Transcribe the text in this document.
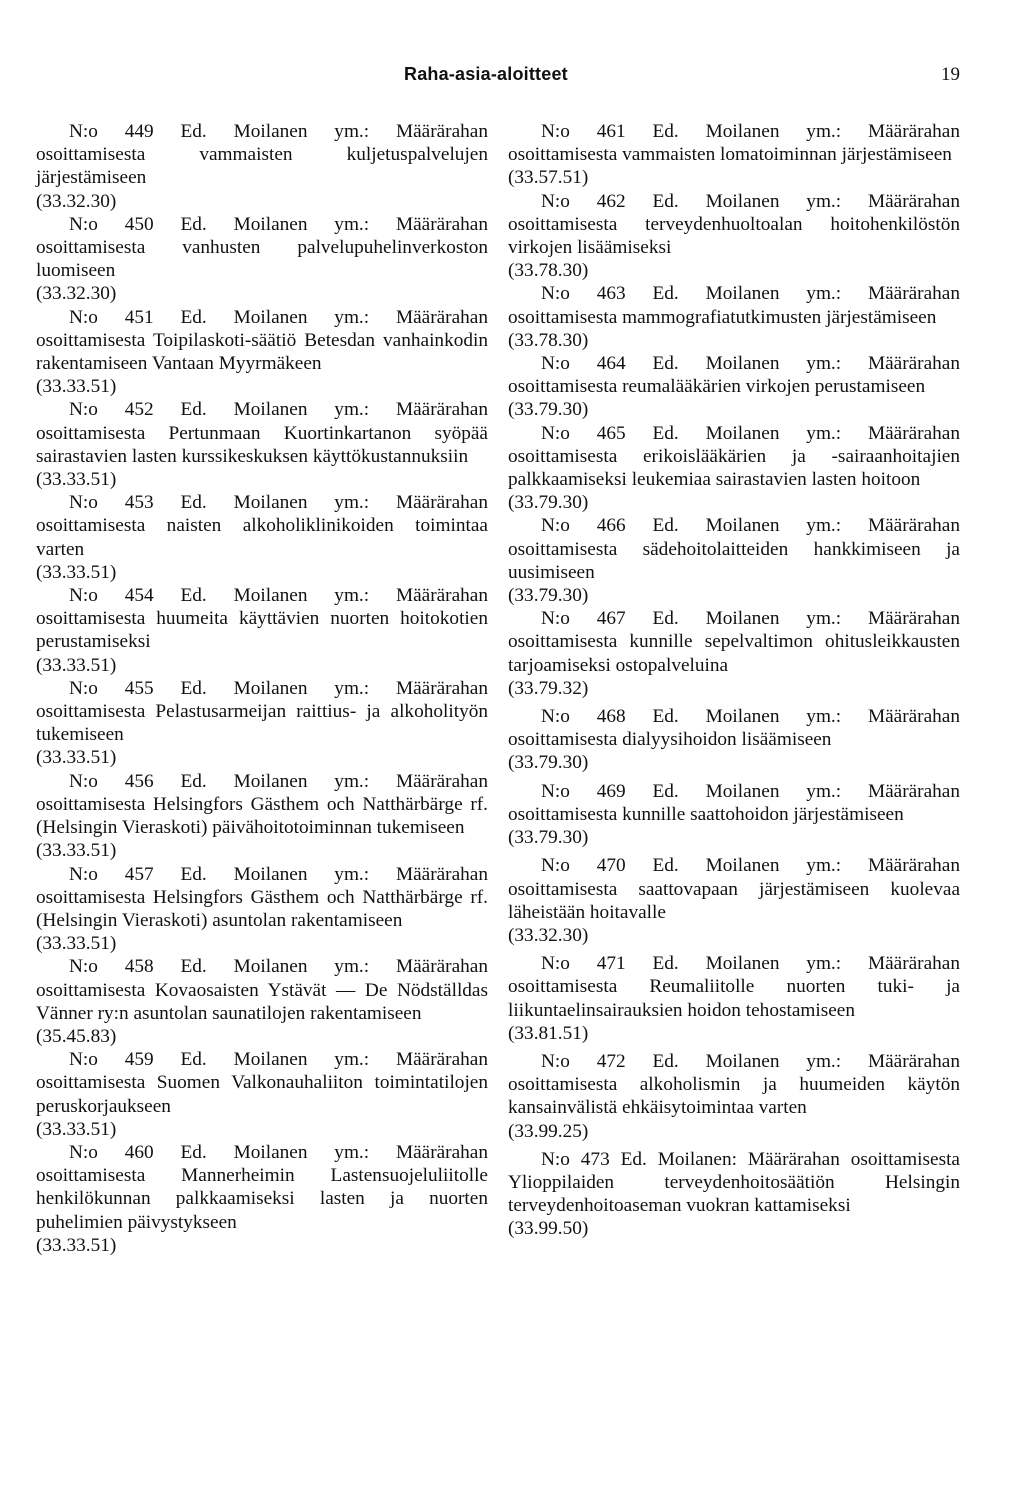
Raha-asia-aloitteet	19

N:o 449 Ed. Moilanen ym.: Määrärahan osoittamisesta vammaisten kuljetuspalvelujen järjestämiseen

(33.32.30)

N:o 450 Ed. Moilanen ym.: Määrärahan osoittamisesta vanhusten palvelupuhelinverkoston luomiseen

(33.32.30)

N:o 451 Ed. Moilanen ym.: Määrärahan osoittamisesta Toipilaskoti-säätiö Betesdan vanhainkodin rakentamiseen Vantaan Myyrmäkeen

(33.33.51)

N:o 452 Ed. Moilanen ym.: Määrärahan osoittamisesta Pertunmaan Kuortinkartanon syöpää sairastavien lasten kurssikeskuksen käyttökustannuksiin

(33.33.51)

N:o 453 Ed. Moilanen ym.: Määrärahan osoittamisesta naisten alkoholiklinikoiden toimintaa varten

(33.33.51)

N:o 454 Ed. Moilanen ym.: Määrärahan osoittamisesta huumeita käyttävien nuorten hoitokotien perustamiseksi

(33.33.51)

N:o 455 Ed. Moilanen ym.: Määrärahan osoittamisesta Pelastusarmeijan raittius- ja alkoholityön tukemiseen

(33.33.51)

N:o 456 Ed. Moilanen ym.: Määrärahan osoittamisesta Helsingfors Gästhem och Natthärbärge rf. (Helsingin Vieraskoti) päivähoitotoiminnan tukemiseen

(33.33.51)

N:o 457 Ed. Moilanen ym.: Määrärahan osoittamisesta Helsingfors Gästhem och Natthärbärge rf. (Helsingin Vieraskoti) asuntolan rakentamiseen

(33.33.51)

N:o 458 Ed. Moilanen ym.: Määrärahan osoittamisesta Kovaosaisten Ystävät — De Nödställdas Vänner ry:n asuntolan saunatilojen rakentamiseen

(35.45.83)

N:o 459 Ed. Moilanen ym.: Määrärahan osoittamisesta Suomen Valkonauhaliiton toimintatilojen peruskorjaukseen

(33.33.51)

N:o 460 Ed. Moilanen ym.: Määrärahan osoittamisesta Mannerheimin Lastensuojeluliitolle henkilökunnan palkkaamiseksi lasten ja nuorten puhelimien päivystykseen

(33.33.51)

N:o 461 Ed. Moilanen ym.: Määrärahan osoittamisesta vammaisten lomatoiminnan järjestämiseen

(33.57.51)

N:o 462 Ed. Moilanen ym.: Määrärahan osoittamisesta terveydenhuoltoalan hoitohenkilöstön virkojen lisäämiseksi

(33.78.30)

N:o 463 Ed. Moilanen ym.: Määrärahan osoittamisesta mammografiatutkimusten järjestämiseen

(33.78.30)

N:o 464 Ed. Moilanen ym.: Määrärahan osoittamisesta reumalääkärien virkojen perustamiseen

(33.79.30)

N:o 465 Ed. Moilanen ym.: Määrärahan osoittamisesta erikoislääkärien ja -sairaanhoitajien palkkaamiseksi leukemiaa sairastavien lasten hoitoon

(33.79.30)

N:o 466 Ed. Moilanen ym.: Määrärahan osoittamisesta sädehoitolaitteiden hankkimiseen ja uusimiseen

(33.79.30)

N:o 467 Ed. Moilanen ym.: Määrärahan osoittamisesta kunnille sepelvaltimon ohitusleikkausten tarjoamiseksi ostopalveluina

(33.79.32)

N:o 468 Ed. Moilanen ym.: Määrärahan osoittamisesta dialyysihoidon lisäämiseen

(33.79.30)

N:o 469 Ed. Moilanen ym.: Määrärahan osoittamisesta kunnille saattohoidon järjestämiseen

(33.79.30)

N:o 470 Ed. Moilanen ym.: Määrärahan osoittamisesta saattovapaan järjestämiseen kuolevaa läheistään hoitavalle

(33.32.30)

N:o 471 Ed. Moilanen ym.: Määrärahan osoittamisesta Reumaliitolle nuorten tuki- ja liikuntaelinsairauksien hoidon tehostamiseen

(33.81.51)

N:o 472 Ed. Moilanen ym.: Määrärahan osoittamisesta alkoholismin ja huumeiden käytön kansainvälistä ehkäisytoimintaa varten

(33.99.25)

N:o 473 Ed. Moilanen: Määrärahan osoittamisesta Ylioppilaiden terveydenhoitosäätiön Helsingin terveydenhoitoaseman vuokran kattamiseksi

(33.99.50)
